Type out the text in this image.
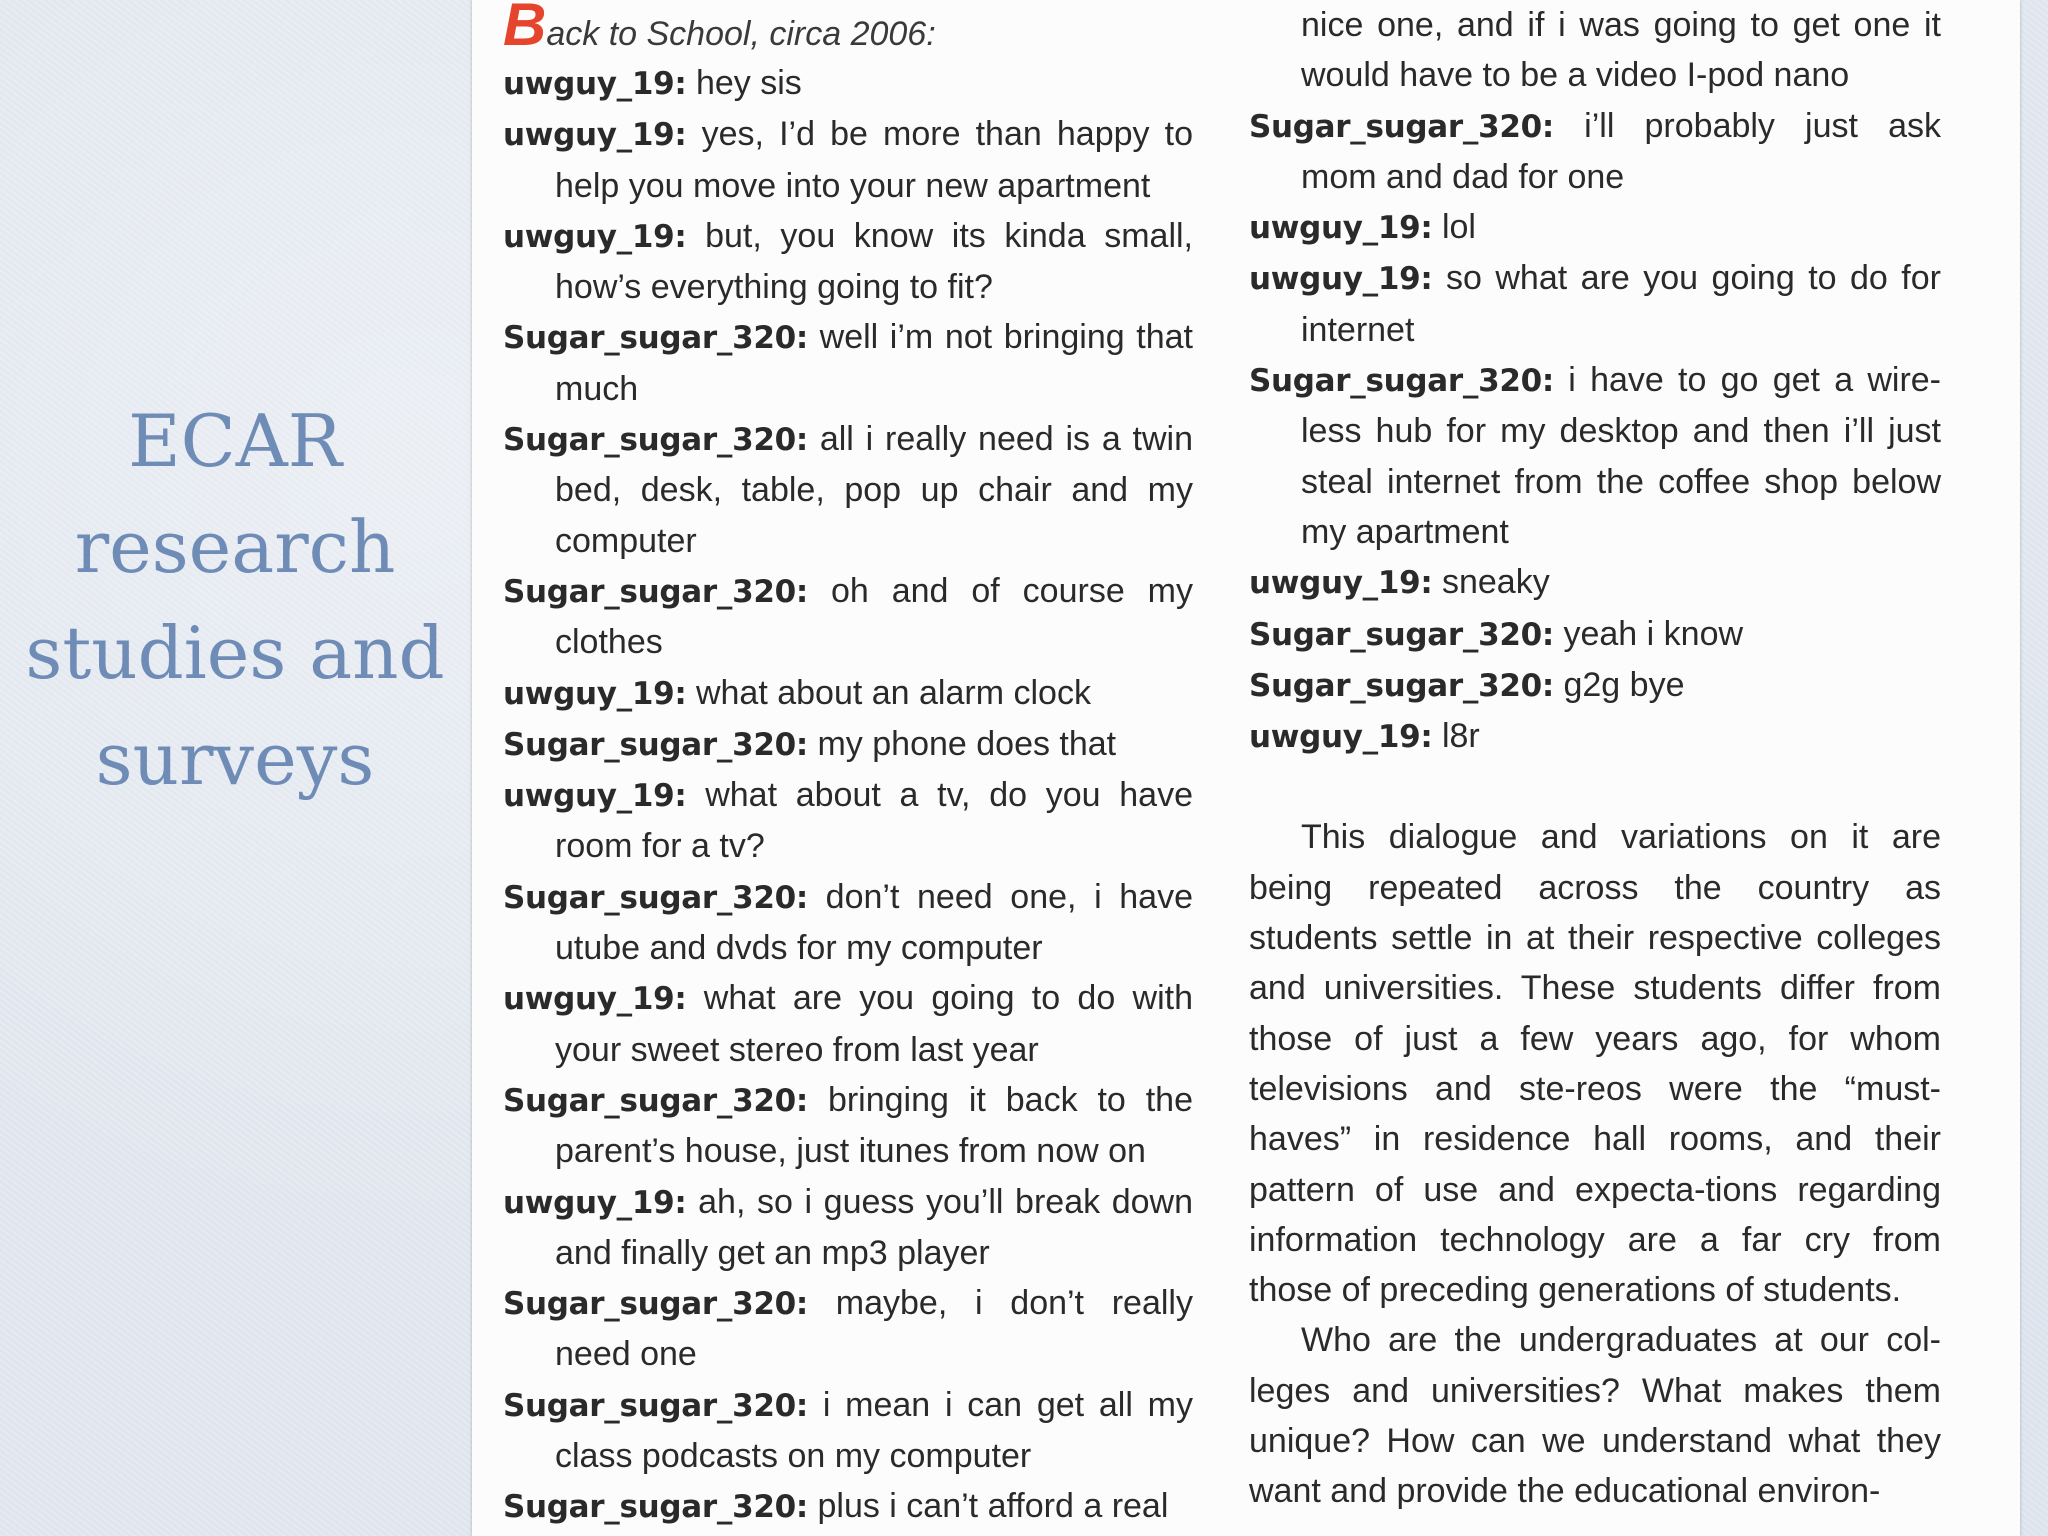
ECAR research studies and surveys
Back to School, circa 2006:
uwguy_19: hey sis
uwguy_19: yes, I’d be more than happy to help you move into your new apartment
uwguy_19: but, you know its kinda small, how’s everything going to fit?
Sugar_sugar_320: well i’m not bringing that much
Sugar_sugar_320: all i really need is a twin bed, desk, table, pop up chair and my computer
Sugar_sugar_320: oh and of course my clothes
uwguy_19: what about an alarm clock
Sugar_sugar_320: my phone does that
uwguy_19: what about a tv, do you have room for a tv?
Sugar_sugar_320: don’t need one, i have utube and dvds for my computer
uwguy_19: what are you going to do with your sweet stereo from last year
Sugar_sugar_320: bringing it back to the parent’s house, just itunes from now on
uwguy_19: ah, so i guess you’ll break down and finally get an mp3 player
Sugar_sugar_320: maybe, i don’t really need one
Sugar_sugar_320: i mean i can get all my class podcasts on my computer
Sugar_sugar_320: plus i can’t afford a real
nice one, and if i was going to get one it would have to be a video I-pod nano
Sugar_sugar_320: i’ll probably just ask mom and dad for one
uwguy_19: lol
uwguy_19: so what are you going to do for internet
Sugar_sugar_320: i have to go get a wire-less hub for my desktop and then i’ll just steal internet from the coffee shop below my apartment
uwguy_19: sneaky
Sugar_sugar_320: yeah i know
Sugar_sugar_320: g2g bye
uwguy_19: l8r

This dialogue and variations on it are being repeated across the country as students settle in at their respective colleges and universities. These students differ from those of just a few years ago, for whom televisions and ste-reos were the “must-haves” in residence hall rooms, and their pattern of use and expecta-tions regarding information technology are a far cry from those of preceding generations of students.

Who are the undergraduates at our col-leges and universities? What makes them unique? How can we understand what they want and provide the educational environ-
